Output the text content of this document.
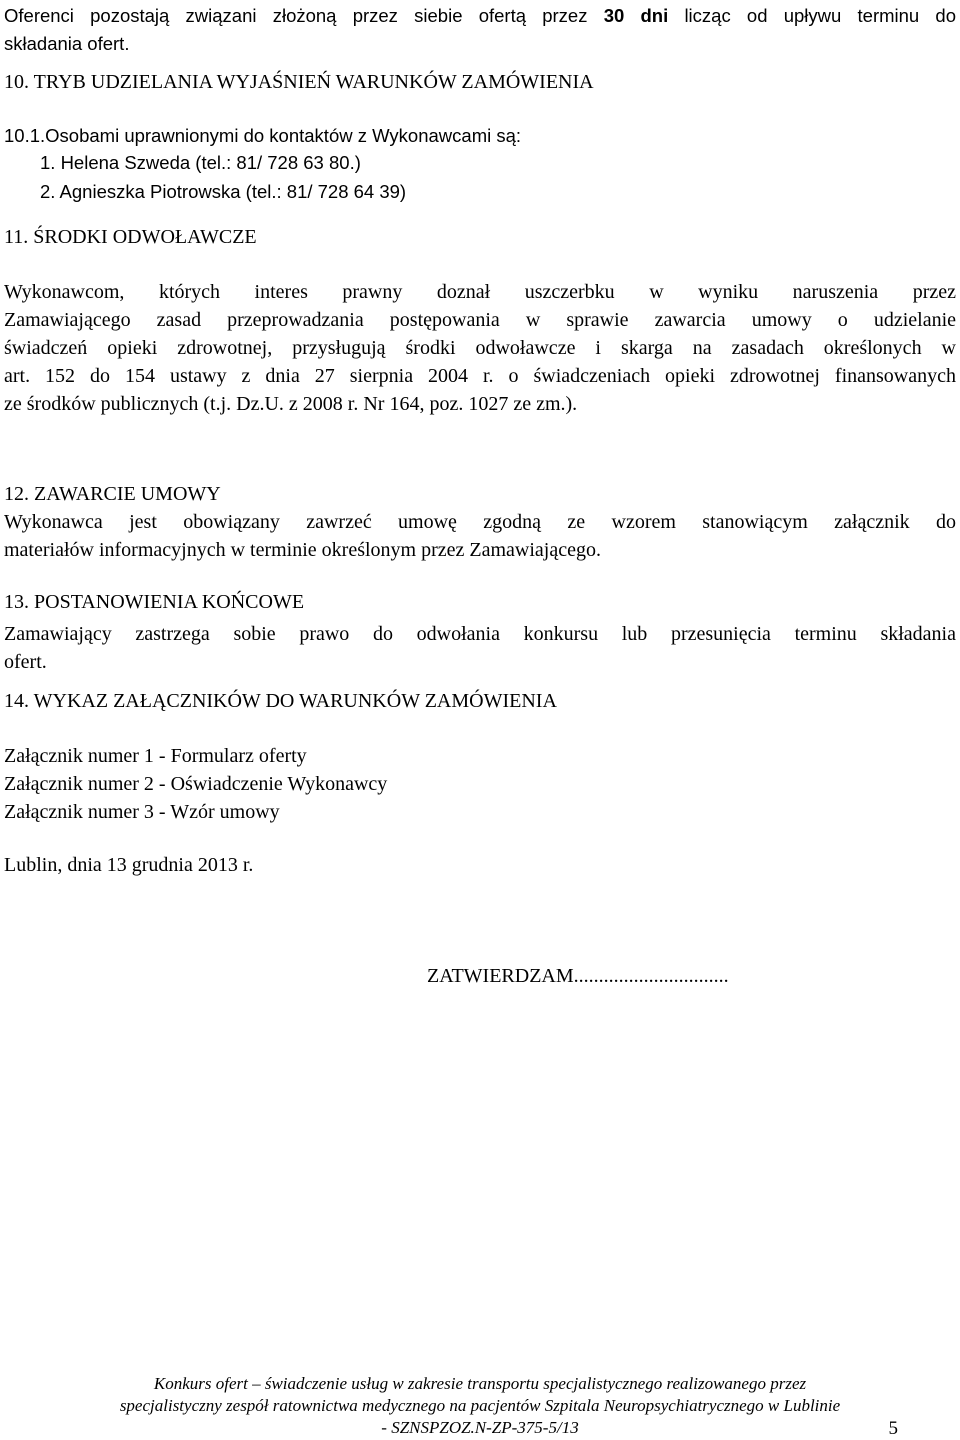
Oferenci pozostają związani złożoną przez siebie ofertą przez 30 dni licząc od upływu terminu do
składania ofert.
10. TRYB UDZIELANIA WYJAŚNIEŃ WARUNKÓW ZAMÓWIENIA
10.1.Osobami uprawnionymi do kontaktów z Wykonawcami są:
1. Helena Szweda (tel.: 81/ 728 63 80.)
2. Agnieszka Piotrowska (tel.: 81/ 728 64 39)
11. ŚRODKI ODWOŁAWCZE
Wykonawcom, których interes prawny doznał uszczerbku w wyniku naruszenia przez
Zamawiającego zasad przeprowadzania postępowania w sprawie zawarcia umowy o udzielanie
świadczeń opieki zdrowotnej, przysługują środki odwoławcze i skarga na zasadach określonych w
art. 152 do 154 ustawy z dnia 27 sierpnia 2004 r. o świadczeniach opieki zdrowotnej finansowanych
ze środków publicznych (t.j. Dz.U. z 2008 r. Nr 164, poz. 1027 ze zm.).
12. ZAWARCIE UMOWY
Wykonawca jest obowiązany zawrzeć umowę zgodną ze wzorem stanowiącym załącznik do
materiałów informacyjnych w terminie określonym przez Zamawiającego.
13. POSTANOWIENIA KOŃCOWE
Zamawiający zastrzega sobie prawo do odwołania konkursu lub przesunięcia terminu składania
ofert.
14. WYKAZ ZAŁĄCZNIKÓW DO WARUNKÓW ZAMÓWIENIA
Załącznik numer 1 - Formularz oferty
Załącznik numer 2 - Oświadczenie Wykonawcy
Załącznik numer 3 - Wzór umowy
Lublin, dnia 13 grudnia 2013 r.
ZATWIERDZAM...............................
Konkurs ofert – świadczenie usług w zakresie transportu specjalistycznego realizowanego przez
specjalistyczny zespół ratownictwa medycznego na pacjentów Szpitala Neuropsychiatrycznego w Lublinie
- SZNSPZOZ.N-ZP-375-5/13	5
